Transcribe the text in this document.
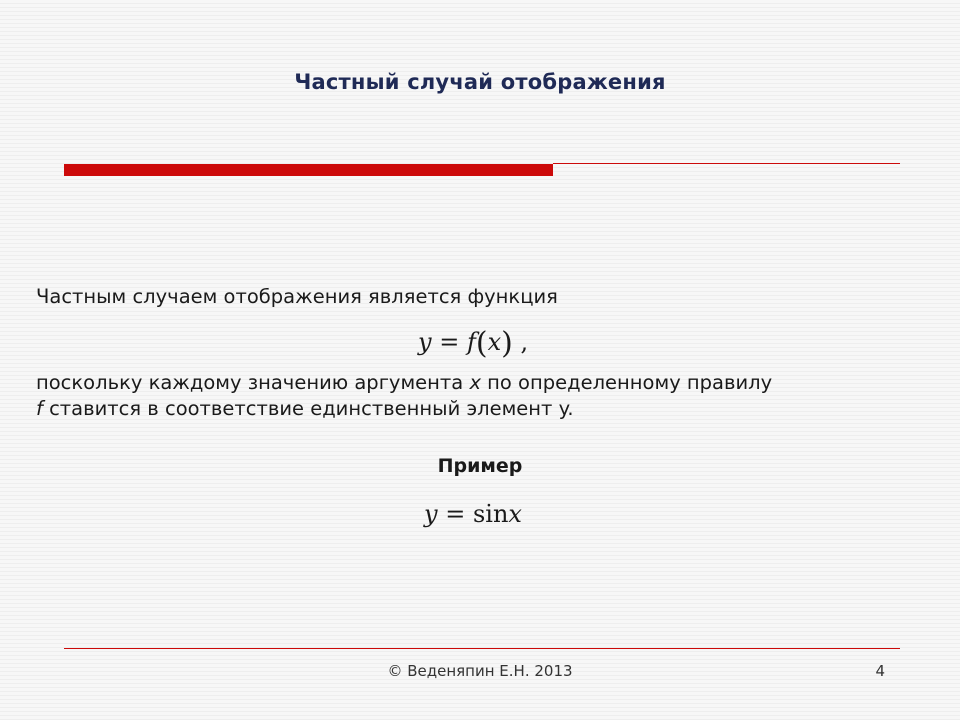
Частный случай отображения
Частным случаем отображения является функция
y = f(x) ,
поскольку каждому значению аргумента x по определенному правилу
f ставится в соответствие единственный элемент y.
Пример
y = sinx
© Веденяпин Е.Н. 2013	4
